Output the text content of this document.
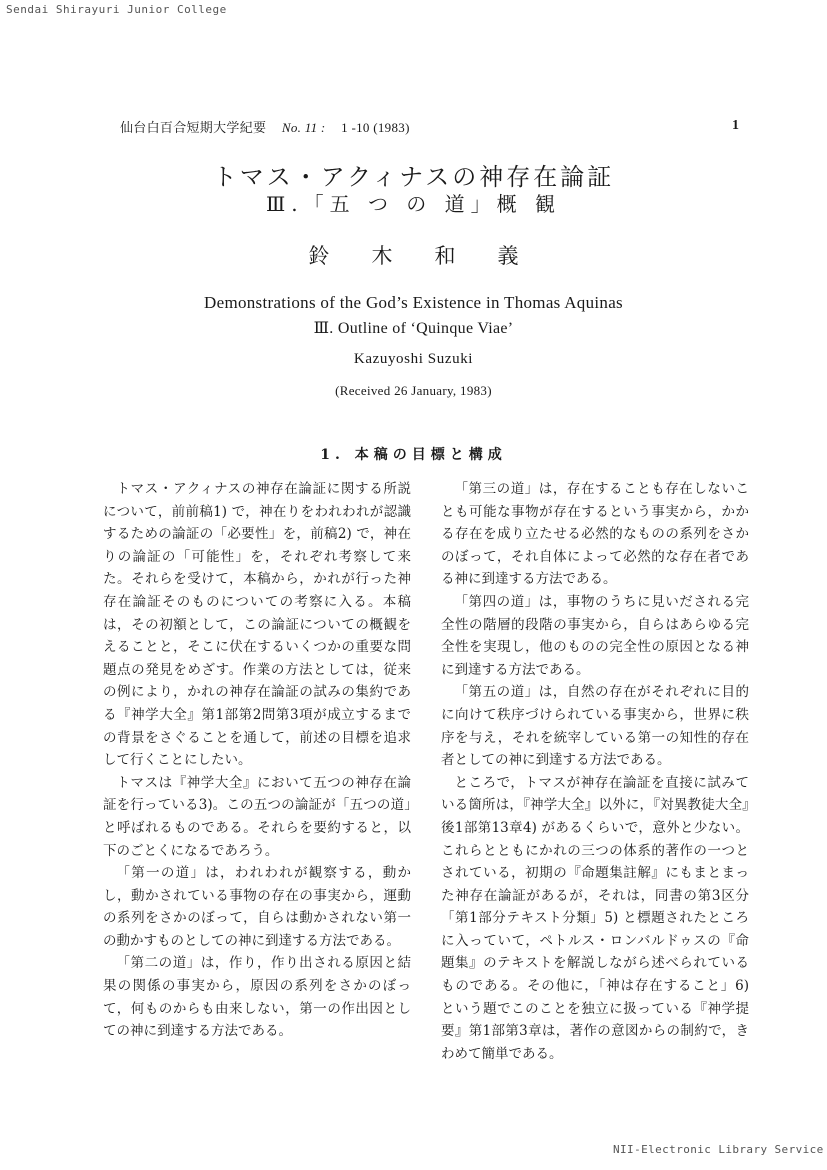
Sendai Shirayuri Junior College
仙台白百合短期大学紀要 No. 11 : 1 -10 (1983)	1
トマス・アクィナスの神存在論証
Ⅲ.「五 つ の 道」概 観
鈴木和義
Demonstrations of the God’s Existence in Thomas Aquinas
Ⅲ. Outline of ‘Quinque Viae’
Kazuyoshi Suzuki
(Received 26 January, 1983)
1. 本稿の目標と構成

トマス・アクィナスの神存在論証に関する所説について，前前稿1) で，神在りをわれわれが認識するための論証の「必要性」を，前稿2) で，神在りの論証の「可能性」を，それぞれ考察して来た。それらを受けて，本稿から，かれが行った神存在論証そのものについての考察に入る。本稿は，その初額として，この論証についての概観をえることと，そこに伏在するいくつかの重要な問題点の発見をめざす。作業の方法としては，従来の例により，かれの神存在論証の試みの集約である『神学大全』第1部第2問第3項が成立するまでの背景をさぐることを通して，前述の目標を追求して行くことにしたい。

トマスは『神学大全』において五つの神存在論証を行っている3)。この五つの論証が「五つの道」と呼ばれるものである。それらを要約すると，以下のごとくになるであろう。

「第一の道」は，われわれが観察する，動かし，動かされている事物の存在の事実から，運動の系列をさかのぼって，自らは動かされない第一の動かすものとしての神に到達する方法である。

「第二の道」は，作り，作り出される原因と結果の関係の事実から，原因の系列をさかのぼって，何ものからも由来しない，第一の作出因としての神に到達する方法である。

「第三の道」は，存在することも存在しないことも可能な事物が存在するという事実から，かかる存在を成り立たせる必然的なものの系列をさかのぼって，それ自体によって必然的な存在者である神に到達する方法である。

「第四の道」は，事物のうちに見いだされる完全性の階層的段階の事実から，自らはあらゆる完全性を実現し，他のものの完全性の原因となる神に到達する方法である。

「第五の道」は，自然の存在がそれぞれに目的に向けて秩序づけられている事実から，世界に秩序を与え，それを統宰している第一の知性的存在者としての神に到達する方法である。

ところで，トマスが神存在論証を直接に試みている箇所は，『神学大全』以外に，『対異教徒大全』後1部第13章4) があるくらいで，意外と少ない。これらとともにかれの三つの体系的著作の一つとされている，初期の『命題集註解』にもまとまった神存在論証があるが，それは，同書の第3区分「第1部分テキスト分類」5) と標題されたところに入っていて，ペトルス・ロンバルドゥスの『命題集』のテキストを解説しながら述べられているものである。その他に，「神は存在すること」6) という題でこのことを独立に扱っている『神学提要』第1部第3章は，著作の意図からの制約で，きわめて簡単である。

NII-Electronic Library Service
